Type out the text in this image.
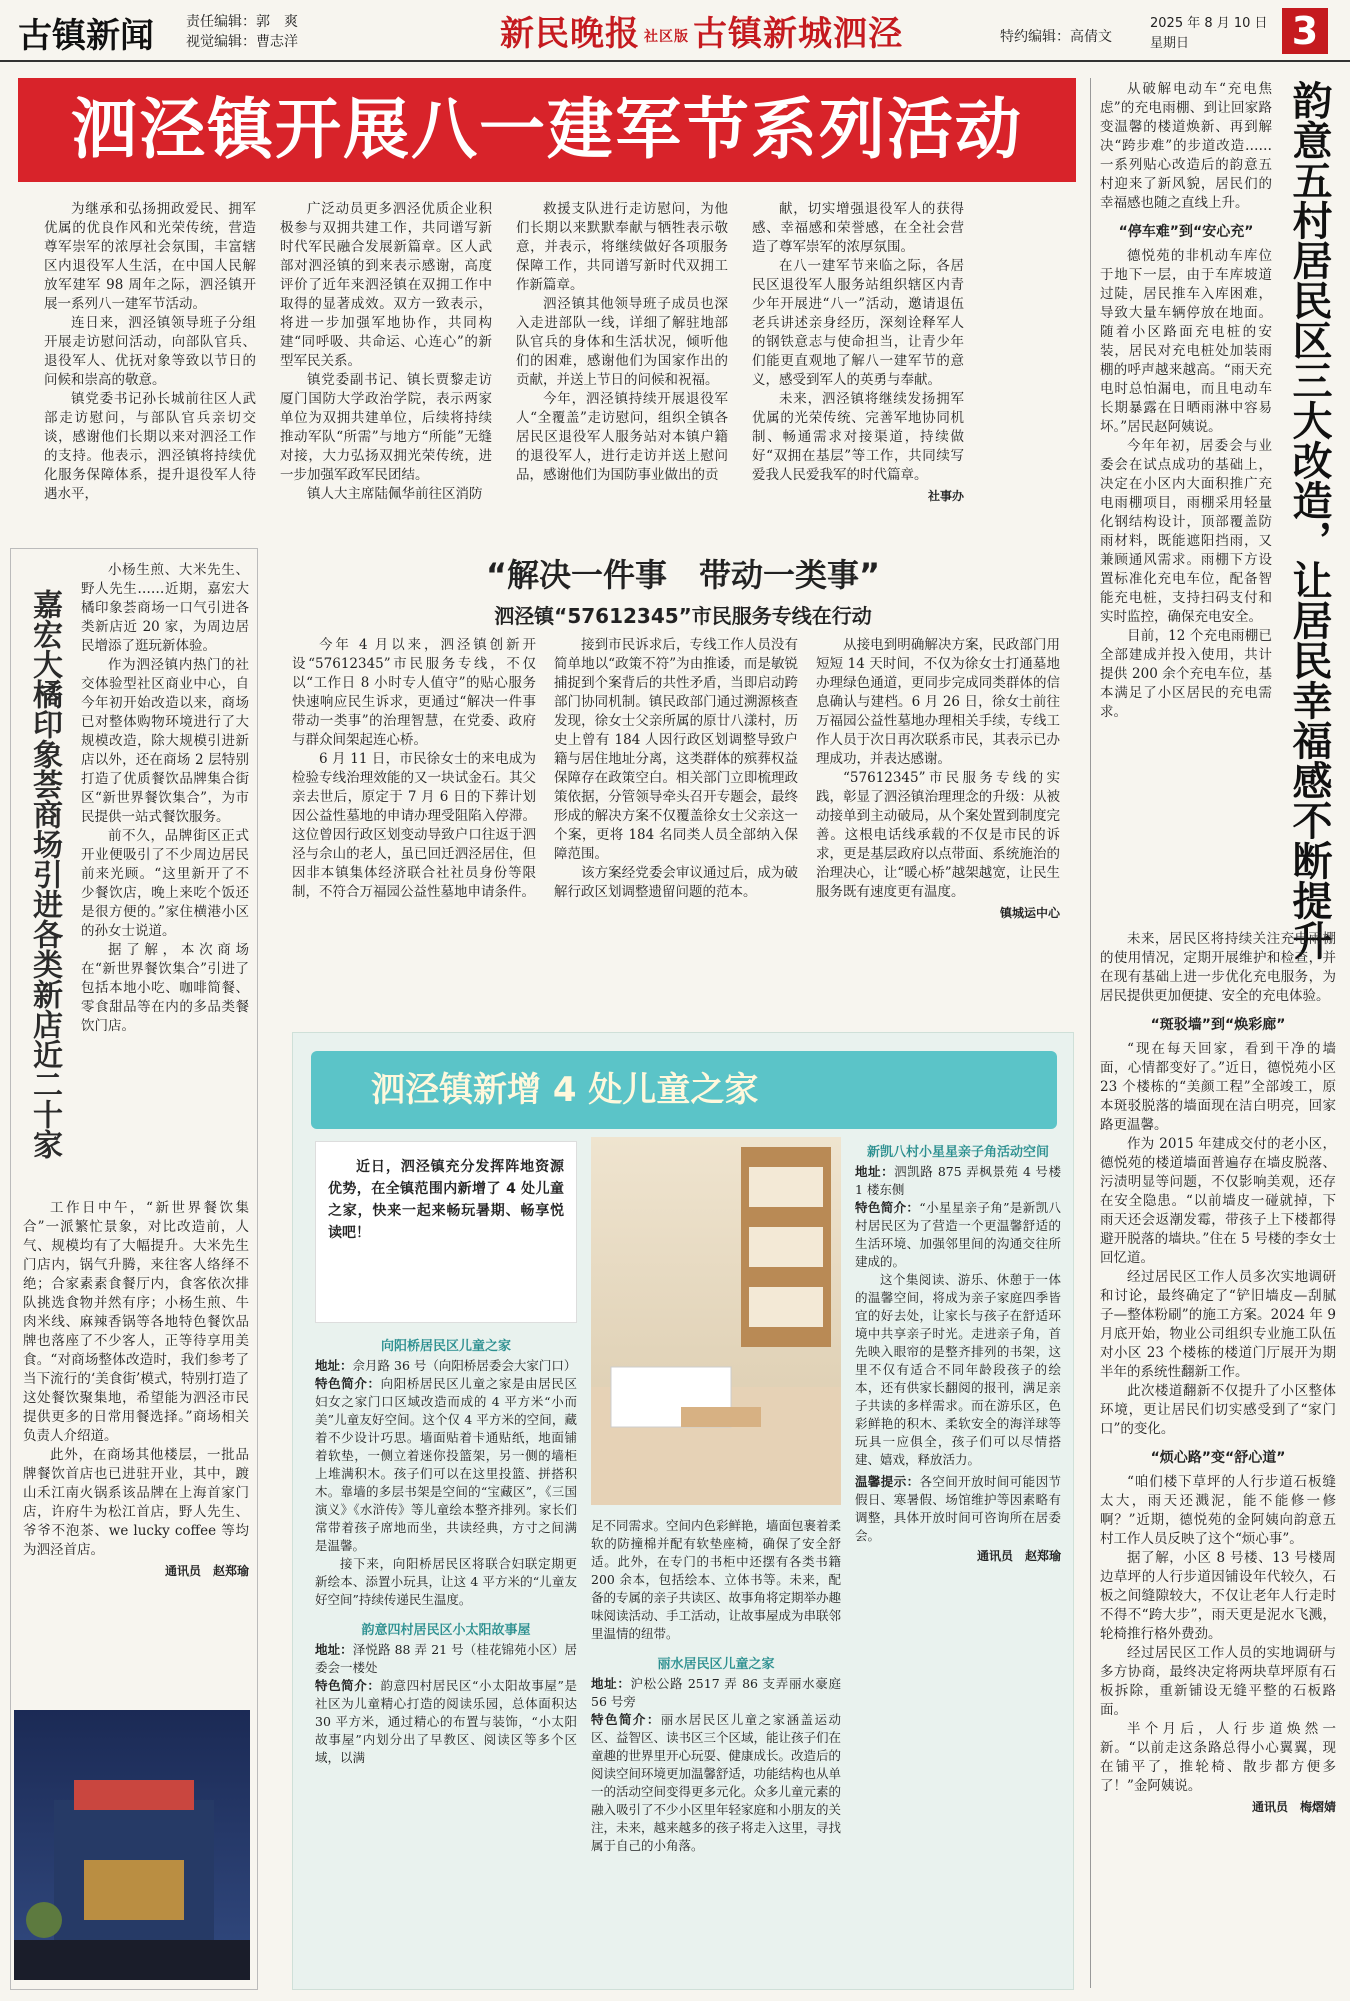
古镇新闻 责任编辑：郭　爽
视觉编辑：曹志洋	新民晚报 社区版 古镇新城泗泾	特约编辑：高倩文
2025 年 8 月 10 日
星期日	3
泗泾镇开展八一建军节系列活动

为继承和弘扬拥政爱民、拥军优属的优良作风和光荣传统，营造尊军崇军的浓厚社会氛围，丰富辖区内退役军人生活，在中国人民解放军建军 98 周年之际，泗泾镇开展一系列八一建军节活动。

连日来，泗泾镇领导班子分组开展走访慰问活动，向部队官兵、退役军人、优抚对象等致以节日的问候和崇高的敬意。

镇党委书记孙长城前往区人武部走访慰问，与部队官兵亲切交谈，感谢他们长期以来对泗泾工作的支持。他表示，泗泾镇将持续优化服务保障体系，提升退役军人待遇水平，

广泛动员更多泗泾优质企业积极参与双拥共建工作，共同谱写新时代军民融合发展新篇章。区人武部对泗泾镇的到来表示感谢，高度评价了近年来泗泾镇在双拥工作中取得的显著成效。双方一致表示，将进一步加强军地协作，共同构建“同呼吸、共命运、心连心”的新型军民关系。

镇党委副书记、镇长贾黎走访厦门国防大学政治学院，表示两家单位为双拥共建单位，后续将持续推动军队“所需”与地方“所能”无缝对接，大力弘扬双拥光荣传统，进一步加强军政军民团结。

镇人大主席陆佩华前往区消防

救援支队进行走访慰问，为他们长期以来默默奉献与牺牲表示敬意，并表示，将继续做好各项服务保障工作，共同谱写新时代双拥工作新篇章。

泗泾镇其他领导班子成员也深入走进部队一线，详细了解驻地部队官兵的身体和生活状况，倾听他们的困难，感谢他们为国家作出的贡献，并送上节日的问候和祝福。

今年，泗泾镇持续开展退役军人“全覆盖”走访慰问，组织全镇各居民区退役军人服务站对本镇户籍的退役军人，进行走访并送上慰问品，感谢他们为国防事业做出的贡

献，切实增强退役军人的获得感、幸福感和荣誉感，在全社会营造了尊军崇军的浓厚氛围。

在八一建军节来临之际，各居民区退役军人服务站组织辖区内青少年开展进“八一”活动，邀请退伍老兵讲述亲身经历，深刻诠释军人的钢铁意志与使命担当，让青少年们能更直观地了解八一建军节的意义，感受到军人的英勇与奉献。

未来，泗泾镇将继续发扬拥军优属的光荣传统、完善军地协同机制、畅通需求对接渠道，持续做好“双拥在基层”等工作，共同续写爱我人民爱我军的时代篇章。

社事办
嘉宏大橘印象荟商场引进各类新店近二十家

小杨生煎、大米先生、野人先生……近期，嘉宏大橘印象荟商场一口气引进各类新店近 20 家，为周边居民增添了逛玩新体验。

作为泗泾镇内热门的社交体验型社区商业中心，自今年初开始改造以来，商场已对整体购物环境进行了大规模改造，除大规模引进新店以外，还在商场 2 层特别打造了优质餐饮品牌集合街区“新世界餐饮集合”，为市民提供一站式餐饮服务。

前不久，品牌街区正式开业便吸引了不少周边居民前来光顾。“这里新开了不少餐饮店，晚上来吃个饭还是很方便的。”家住横港小区的孙女士说道。

据了解，本次商场在“新世界餐饮集合”引进了包括本地小吃、咖啡简餐、零食甜品等在内的多品类餐饮门店。

工作日中午，“新世界餐饮集合”一派繁忙景象，对比改造前，人气、规模均有了大幅提升。大米先生门店内，锅气升腾，来往客人络绎不绝；合家素素食餐厅内，食客依次排队挑选食物并然有序；小杨生煎、牛肉米线、麻辣香锅等各地特色餐饮品牌也落座了不少客人，正等待享用美食。“对商场整体改造时，我们参考了当下流行的‘美食街’模式，特别打造了这处餐饮聚集地，希望能为泗泾市民提供更多的日常用餐选择。”商场相关负责人介绍道。

此外，在商场其他楼层，一批品牌餐饮首店也已进驻开业，其中，踱山禾江南火锅系该品牌在上海首家门店，许府牛为松江首店，野人先生、爷爷不泡茶、we lucky coffee 等均为泗泾首店。

通讯员　赵郑瑜
“解决一件事　带动一类事”
泗泾镇“57612345”市民服务专线在行动

今年 4 月以来，泗泾镇创新开设“57612345”市民服务专线，不仅以“工作日 8 小时专人值守”的贴心服务快速响应民生诉求，更通过“解决一件事带动一类事”的治理智慧，在党委、政府与群众间架起连心桥。

6 月 11 日，市民徐女士的来电成为检验专线治理效能的又一块试金石。其父亲去世后，原定于 7 月 6 日的下葬计划因公益性墓地的申请办理受阻陷入停滞。这位曾因行政区划变动导致户口往返于泗泾与佘山的老人，虽已回迁泗泾居住，但因非本镇集体经济联合社社员身份等限制，不符合万福园公益性墓地申请条件。

接到市民诉求后，专线工作人员没有简单地以“政策不符”为由推诿，而是敏锐捕捉到个案背后的共性矛盾，当即启动跨部门协同机制。镇民政部门通过溯源核查发现，徐女士父亲所属的原廿八漾村，历史上曾有 184 人因行政区划调整导致户籍与居住地址分离，这类群体的殡葬权益保障存在政策空白。相关部门立即梳理政策依据，分管领导牵头召开专题会，最终形成的解决方案不仅覆盖徐女士父亲这一个案，更将 184 名同类人员全部纳入保障范围。

该方案经党委会审议通过后，成为破解行政区划调整遗留问题的范本。

从接电到明确解决方案，民政部门用短短 14 天时间，不仅为徐女士打通墓地办理绿色通道，更同步完成同类群体的信息确认与建档。6 月 26 日，徐女士前往万福园公益性墓地办理相关手续，专线工作人员于次日再次联系市民，其表示已办理成功，并表达感谢。

“57612345”市民服务专线的实践，彰显了泗泾镇治理理念的升级：从被动接单到主动破局，从个案处置到制度完善。这根电话线承载的不仅是市民的诉求，更是基层政府以点带面、系统施治的治理决心，让“暖心桥”越架越宽，让民生服务既有速度更有温度。

镇城运中心
泗泾镇新增 4 处儿童之家

近日，泗泾镇充分发挥阵地资源优势，在全镇范围内新增了 4 处儿童之家，快来一起来畅玩暑期、畅享悦读吧！

向阳桥居民区儿童之家
地址：佘月路 36 号（向阳桥居委会大家门口）
特色简介：向阳桥居民区儿童之家是由居民区妇女之家门口区域改造而成的 4 平方米“小而美”儿童友好空间。这个仅 4 平方米的空间，藏着不少设计巧思。墙面贴着卡通贴纸，地面铺着软垫，一侧立着迷你投篮架，另一侧的墙柜上堆满积木。孩子们可以在这里投篮、拼搭积木。靠墙的多层书架是空间的“宝藏区”，《三国演义》《水浒传》等儿童绘本整齐排列。家长们常带着孩子席地而坐，共读经典，方寸之间满是温馨。
接下来，向阳桥居民区将联合妇联定期更新绘本、添置小玩具，让这 4 平方米的“儿童友好空间”持续传递民生温度。
韵意四村居民区小太阳故事屋
地址：泽悦路 88 弄 21 号（桂花锦苑小区）居委会一楼处
特色简介：韵意四村居民区“小太阳故事屋”是社区为儿童精心打造的阅读乐园，总体面积达 30 平方米，通过精心的布置与装饰，“小太阳故事屋”内划分出了早教区、阅读区等多个区域，以满
足不同需求。空间内色彩鲜艳，墙面包裹着柔软的防撞棉并配有软垫座椅，确保了安全舒适。此外，在专门的书柜中还摆有各类书籍 200 余本，包括绘本、立体书等。未来，配备的专属的亲子共读区、故事角将定期举办趣味阅读活动、手工活动，让故事屋成为串联邻里温情的纽带。
丽水居民区儿童之家
地址：沪松公路 2517 弄 86 支弄丽水豪庭 56 号旁
特色简介：丽水居民区儿童之家涵盖运动区、益智区、读书区三个区域，能让孩子们在童趣的世界里开心玩耍、健康成长。改造后的阅读空间环境更加温馨舒适，功能结构也从单一的活动空间变得更多元化。众多儿童元素的融入吸引了不少小区里年轻家庭和小朋友的关注，未来，越来越多的孩子将走入这里，寻找属于自己的小角落。
新凯八村小星星亲子角活动空间
地址：泗凯路 875 弄枫景苑 4 号楼 1 楼东侧
特色简介：“小星星亲子角”是新凯八村居民区为了营造一个更温馨舒适的生活环境、加强邻里间的沟通交往所建成的。
这个集阅读、游乐、休憩于一体的温馨空间，将成为亲子家庭四季皆宜的好去处，让家长与孩子在舒适环境中共享亲子时光。走进亲子角，首先映入眼帘的是整齐排列的书架，这里不仅有适合不同年龄段孩子的绘本，还有供家长翻阅的报刊，满足亲子共读的多样需求。而在游乐区，色彩鲜艳的积木、柔软安全的海洋球等玩具一应俱全，孩子们可以尽情搭建、嬉戏，释放活力。
温馨提示：各空间开放时间可能因节假日、寒暑假、场馆维护等因素略有调整，具体开放时间可咨询所在居委会。
通讯员　赵郑瑜
韵意五村居民区三大改造，让居民幸福感不断提升

从破解电动车“充电焦虑”的充电雨棚、到让回家路变温馨的楼道焕新、再到解决“跨步难”的步道改造……一系列贴心改造后的韵意五村迎来了新风貌，居民们的幸福感也随之直线上升。

“停车难”到“安心充”

德悦苑的非机动车库位于地下一层，由于车库坡道过陡，居民推车入库困难，导致大量车辆停放在地面。随着小区路面充电桩的安装，居民对充电桩处加装雨棚的呼声越来越高。“雨天充电时总怕漏电，而且电动车长期暴露在日晒雨淋中容易坏。”居民赵阿姨说。

今年年初，居委会与业委会在试点成功的基础上，决定在小区内大面积推广充电雨棚项目，雨棚采用轻量化钢结构设计，顶部覆盖防雨材料，既能遮阳挡雨，又兼顾通风需求。雨棚下方设置标准化充电车位，配备智能充电桩，支持扫码支付和实时监控，确保充电安全。

目前，12 个充电雨棚已全部建成并投入使用，共计提供 200 余个充电车位，基本满足了小区居民的充电需求。

未来，居民区将持续关注充电雨棚的使用情况，定期开展维护和检查，并在现有基础上进一步优化充电服务，为居民提供更加便捷、安全的充电体验。

“斑驳墙”到“焕彩廊”

“现在每天回家，看到干净的墙面，心情都变好了。”近日，德悦苑小区 23 个楼栋的“美颜工程”全部竣工，原本斑驳脱落的墙面现在洁白明亮，回家路更温馨。

作为 2015 年建成交付的老小区，德悦苑的楼道墙面普遍存在墙皮脱落、污渍明显等问题，不仅影响美观，还存在安全隐患。“以前墙皮一碰就掉，下雨天还会返潮发霉，带孩子上下楼都得避开脱落的墙块。”住在 5 号楼的李女士回忆道。

经过居民区工作人员多次实地调研和讨论，最终确定了“铲旧墙皮—刮腻子—整体粉刷”的施工方案。2024 年 9 月底开始，物业公司组织专业施工队伍对小区 23 个楼栋的楼道门厅展开为期半年的系统性翻新工作。

此次楼道翻新不仅提升了小区整体环境，更让居民们切实感受到了“家门口”的变化。

“烦心路”变“舒心道”

“咱们楼下草坪的人行步道石板缝太大，雨天还溅泥，能不能修一修啊？”近期，德悦苑的金阿姨向韵意五村工作人员反映了这个“烦心事”。

据了解，小区 8 号楼、13 号楼周边草坪的人行步道因铺设年代较久，石板之间缝隙较大，不仅让老年人行走时不得不“跨大步”，雨天更是泥水飞溅，轮椅推行格外费劲。

经过居民区工作人员的实地调研与多方协商，最终决定将两块草坪原有石板拆除，重新铺设无缝平整的石板路面。

半个月后，人行步道焕然一新。“以前走这条路总得小心翼翼，现在铺平了，推轮椅、散步都方便多了！”金阿姨说。

通讯员　梅熠婧
